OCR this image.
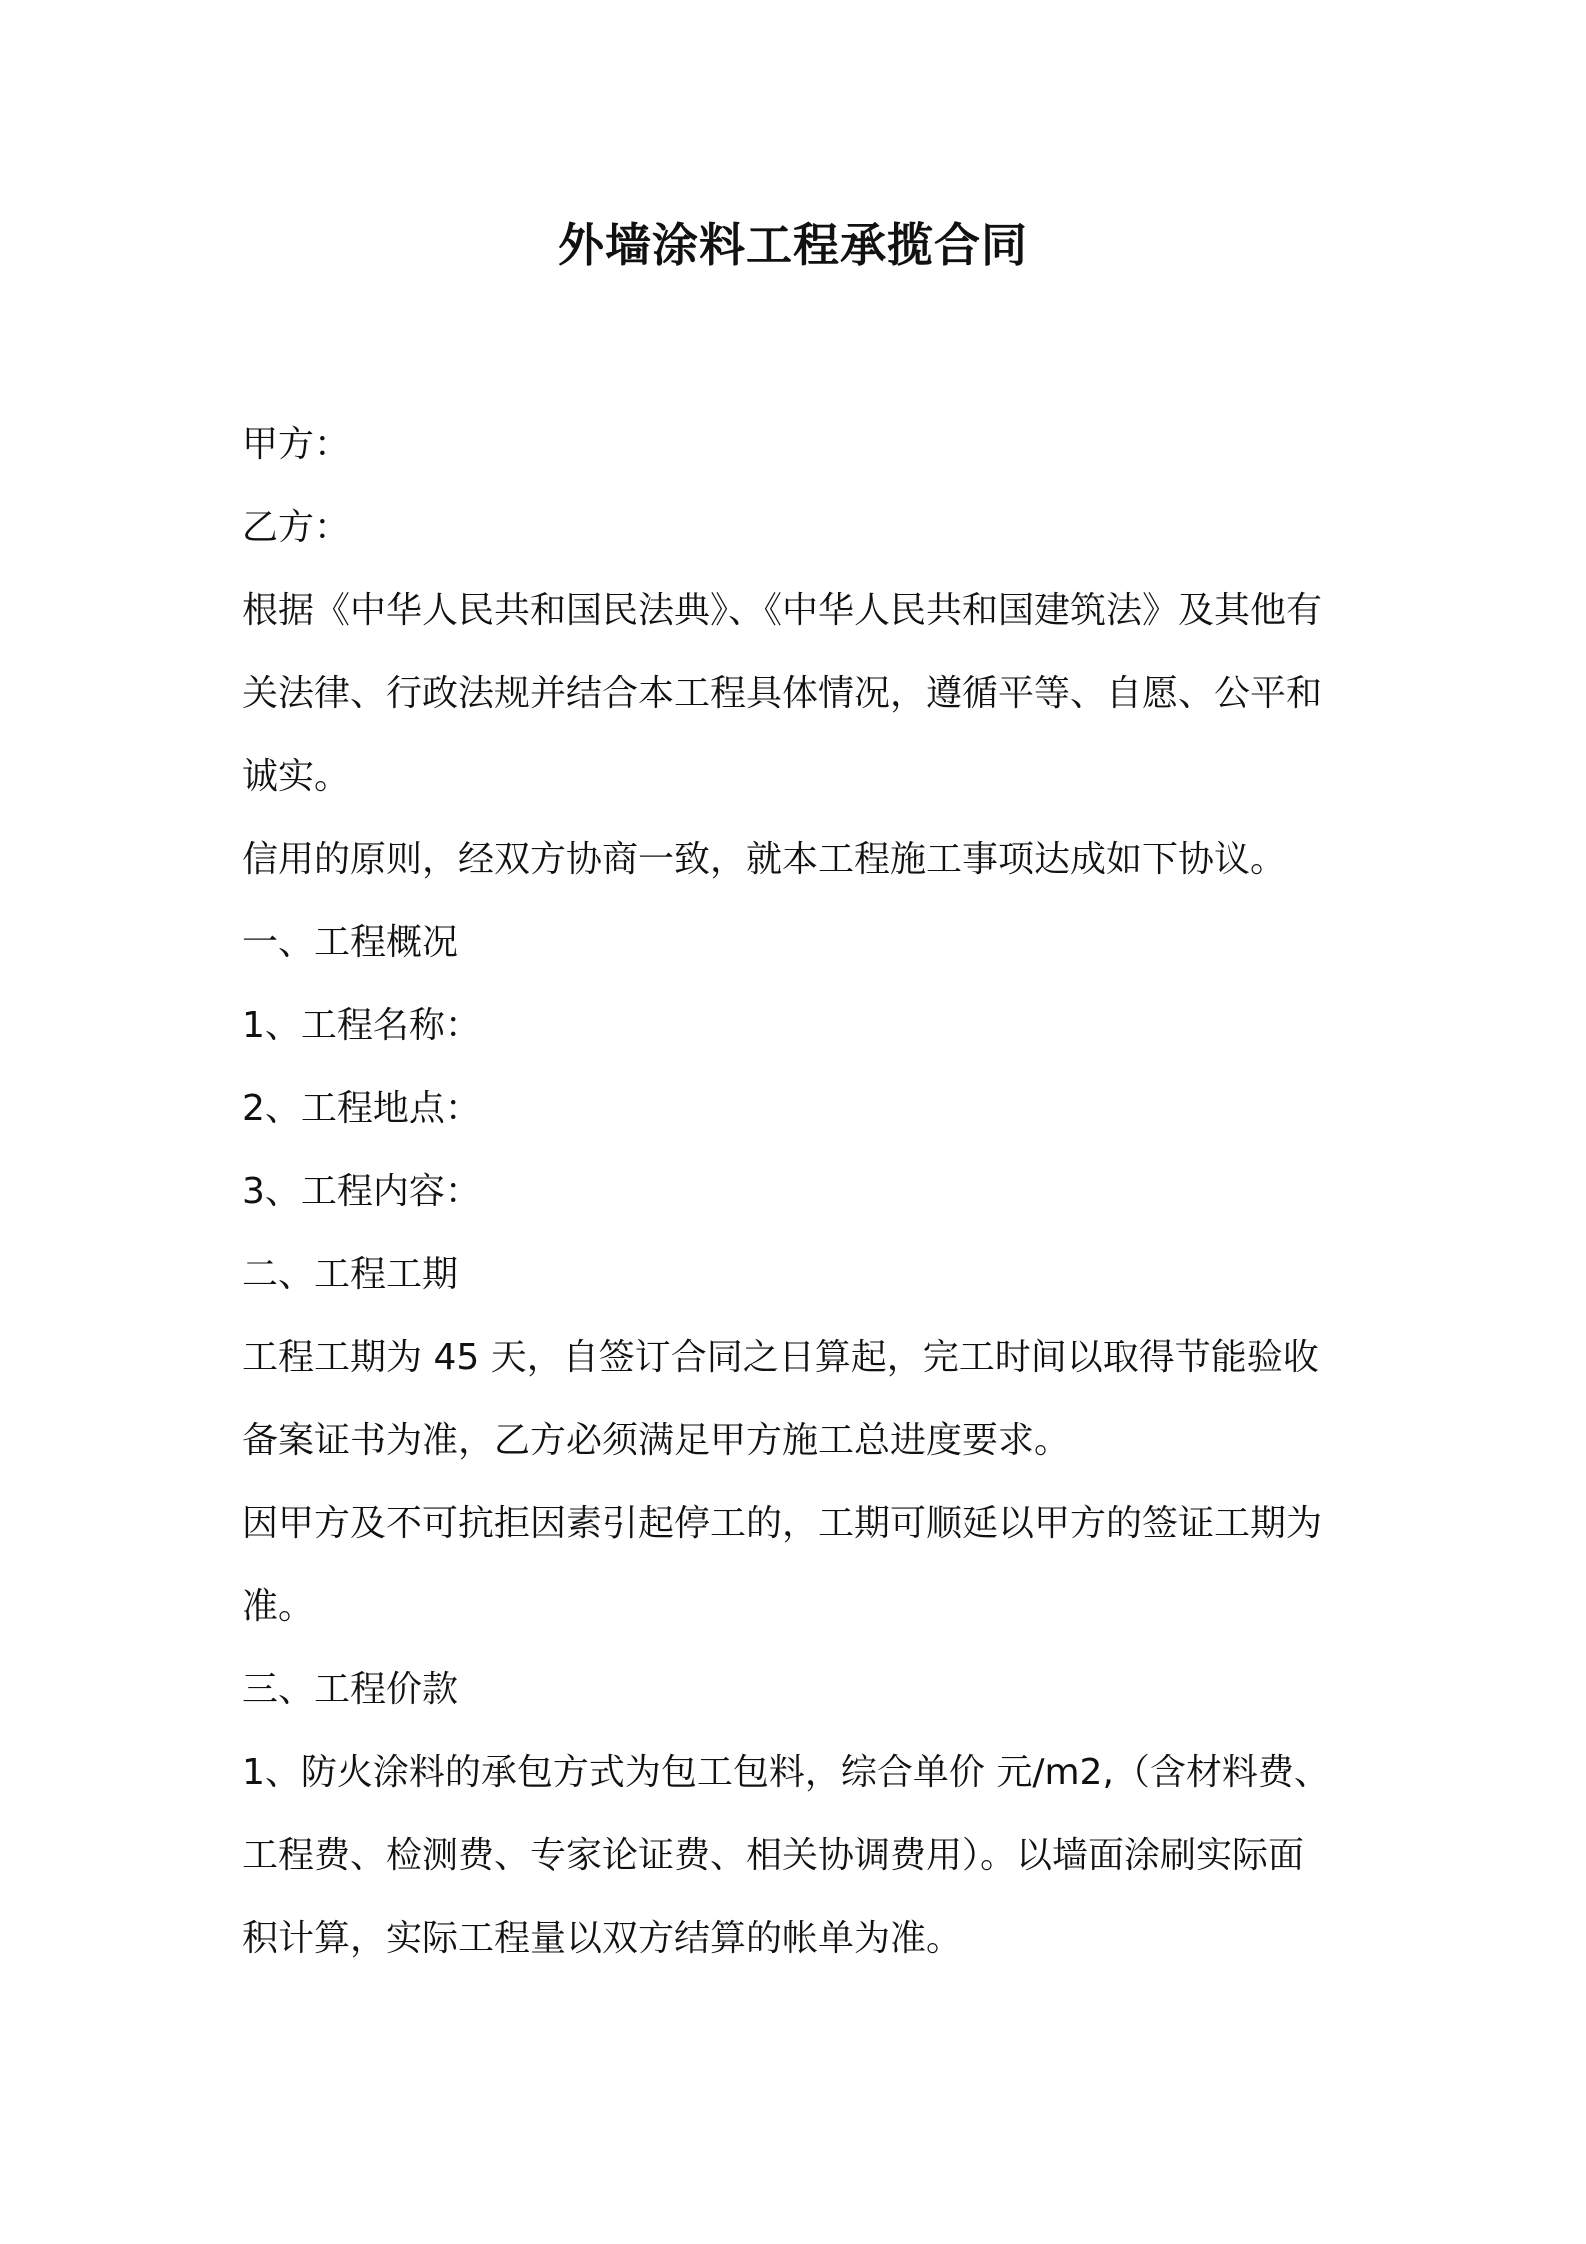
外墙涂料工程承揽合同

甲方：

乙方：

根据《中华人民共和国民法典》、《中华人民共和国建筑法》及其他有

关法律、行政法规并结合本工程具体情况，遵循平等、自愿、公平和

诚实。

信用的原则，经双方协商一致，就本工程施工事项达成如下协议。

一、工程概况

1、工程名称：

2、工程地点：

3、工程内容：

二、工程工期

工程工期为 45 天，自签订合同之日算起，完工时间以取得节能验收

备案证书为准，乙方必须满足甲方施工总进度要求。

因甲方及不可抗拒因素引起停工的，工期可顺延以甲方的签证工期为

准。

三、工程价款

1、防火涂料的承包方式为包工包料，综合单价 元/m2,（含材料费、

工程费、检测费、专家论证费、相关协调费用）。以墙面涂刷实际面

积计算，实际工程量以双方结算的帐单为准。
